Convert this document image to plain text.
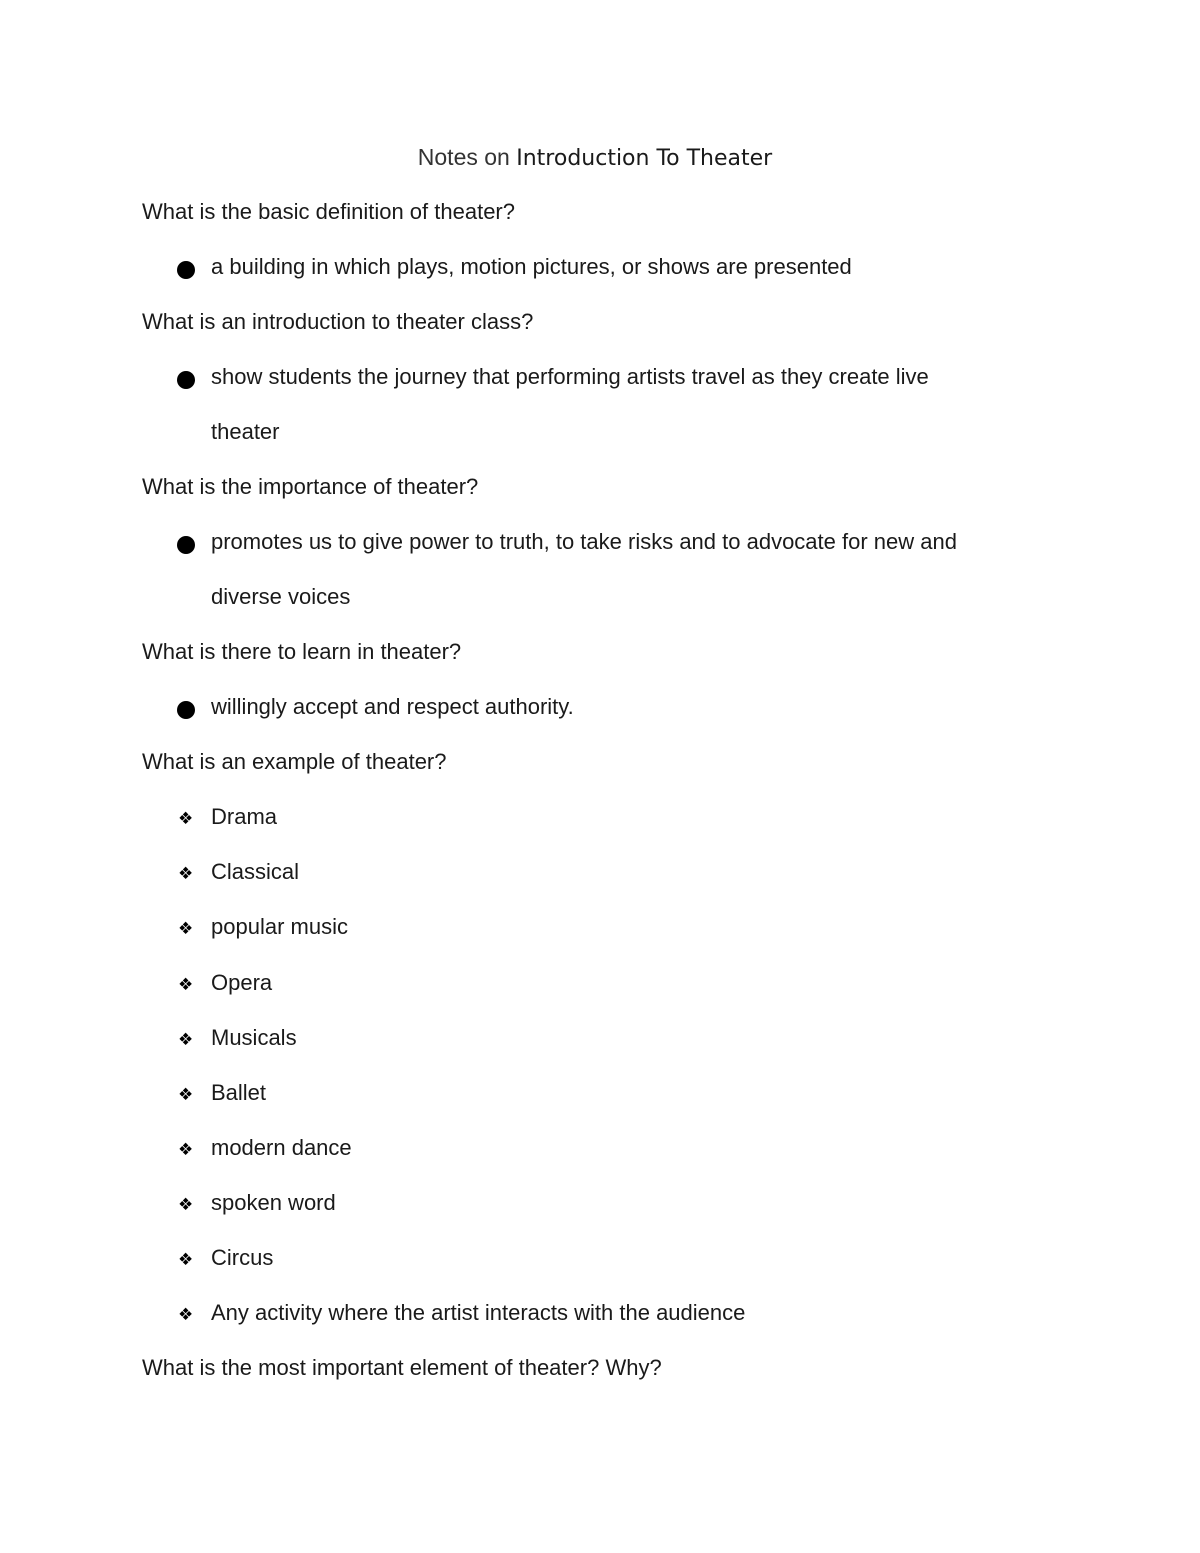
Notes on Introduction To Theater
What is the basic definition of theater?
a building in which plays, motion pictures, or shows are presented
What is an introduction to theater class?
show students the journey that performing artists travel as they create live
theater
What is the importance of theater?
promotes us to give power to truth, to take risks and to advocate for new and
diverse voices
What is there to learn in theater?
willingly accept and respect authority.
What is an example of theater?
❖ Drama
❖ Classical
❖ popular music
❖ Opera
❖ Musicals
❖ Ballet
❖ modern dance
❖ spoken word
❖ Circus
❖ Any activity where the artist interacts with the audience
What is the most important element of theater? Why?
